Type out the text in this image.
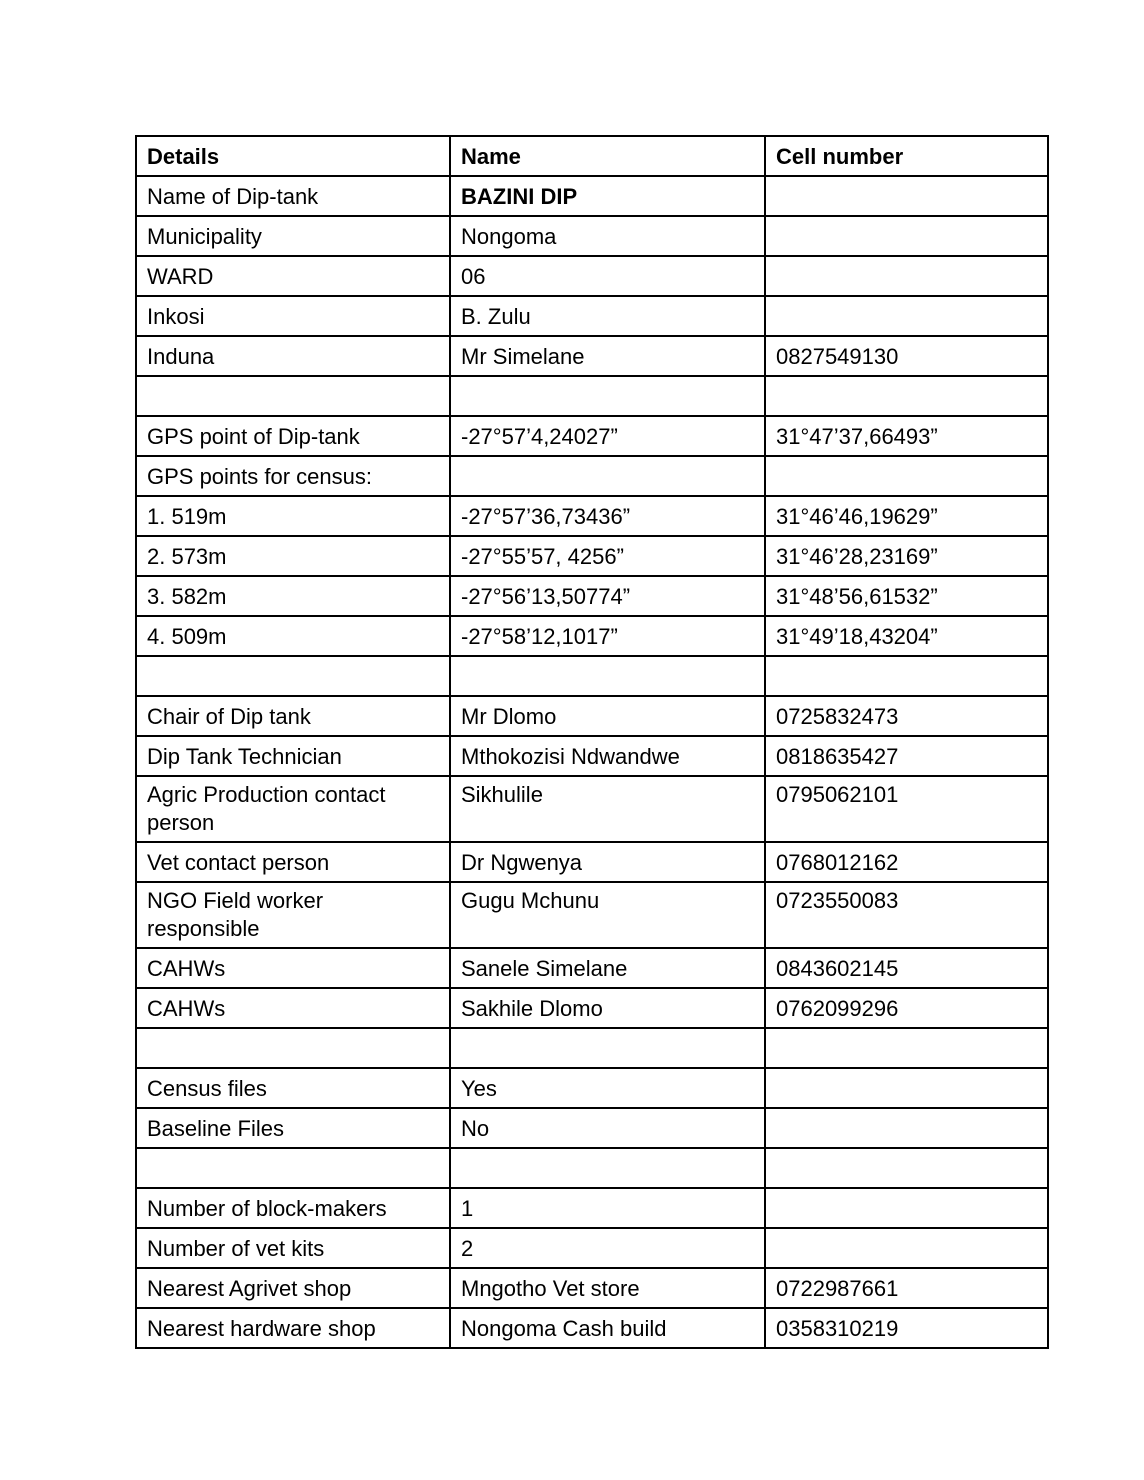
Details	Name	Cell number
Name of Dip-tank	BAZINI DIP	
Municipality	Nongoma	
WARD	06	
Inkosi	B. Zulu	
Induna	Mr Simelane	0827549130

GPS point of Dip-tank	-27°57’4,24027”	31°47’37,66493”
GPS points for census:		
1. 519m	-27°57’36,73436”	31°46’46,19629”
2. 573m	-27°55’57, 4256”	31°46’28,23169”
3. 582m	-27°56’13,50774”	31°48’56,61532”
4. 509m	-27°58’12,1017”	31°49’18,43204”

Chair of Dip tank	Mr Dlomo	0725832473
Dip Tank Technician	Mthokozisi Ndwandwe	0818635427
Agric Production contact person	Sikhulile	0795062101
Vet contact person	Dr Ngwenya	0768012162
NGO Field worker responsible	Gugu Mchunu	0723550083
CAHWs	Sanele Simelane	0843602145
CAHWs	Sakhile Dlomo	0762099296

Census files	Yes	
Baseline Files	No	

Number of block-makers	1	
Number of vet kits	2	
Nearest Agrivet shop	Mngotho Vet store	0722987661
Nearest hardware shop	Nongoma Cash build	0358310219
